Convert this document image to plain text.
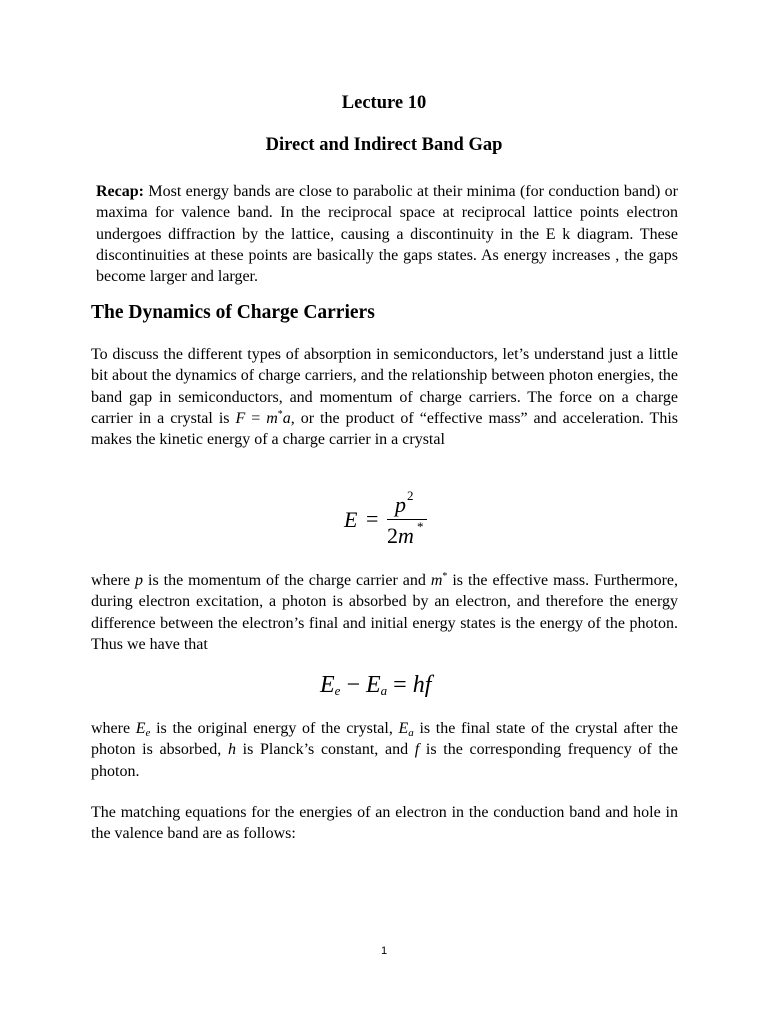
Lecture 10
Direct and Indirect Band Gap

Recap: Most energy bands are close to parabolic at their minima (for conduction band) or maxima for valence band. In the reciprocal space at reciprocal lattice points electron undergoes diffraction by the lattice, causing a discontinuity in the E k diagram. These discontinuities at these points are basically the gaps states. As energy increases , the gaps become larger and larger.

The Dynamics of Charge Carriers

To discuss the different types of absorption in semiconductors, let’s understand just a little bit about the dynamics of charge carriers, and the relationship between photon energies, the band gap in semiconductors, and momentum of charge carriers. The force on a charge carrier in a crystal is F = m*a, or the product of “effective mass” and acceleration. This makes the kinetic energy of a charge carrier in a crystal

E =
p 2
2 m *

where p is the momentum of the charge carrier and m* is the effective mass. Furthermore, during electron excitation, a photon is absorbed by an electron, and therefore the energy difference between the electron’s final and initial energy states is the energy of the photon. Thus we have that

$E_e - E_a$ = hf

where $E_e$ is the original energy of the crystal, $E_a$ is the final state of the crystal after the photon is absorbed, h is Planck’s constant, and f is the corresponding frequency of the photon.

The matching equations for the energies of an electron in the conduction band and hole in the valence band are as follows:

1
